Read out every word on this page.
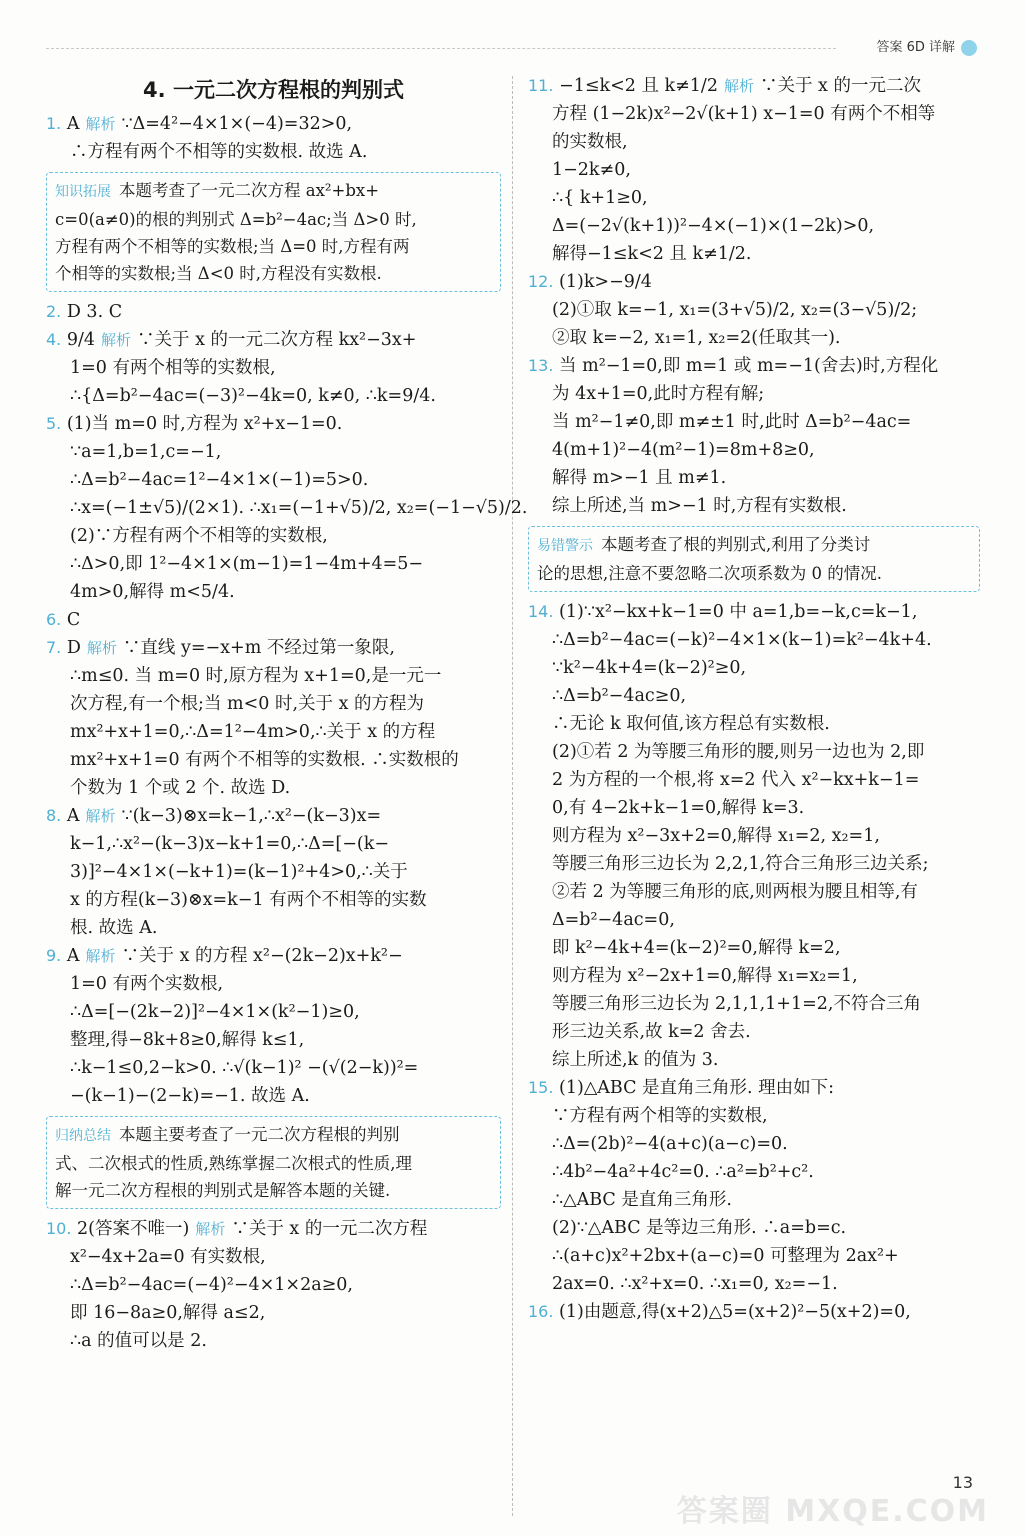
答案 6D 详解
4. 一元二次方程根的判别式
1. A 解析 ∵Δ=4²−4×1×(−4)=32>0,
∴方程有两个不相等的实数根. 故选 A.
知识拓展 本题考查了一元二次方程 ax²+bx+
c=0(a≠0)的根的判别式 Δ=b²−4ac;当 Δ>0 时,
方程有两个不相等的实数根;当 Δ=0 时,方程有两
个相等的实数根;当 Δ<0 时,方程没有实数根.
2. D 3. C
4. 9/4 解析 ∵关于 x 的一元二次方程 kx²−3x+
1=0 有两个相等的实数根,
∴{Δ=b²−4ac=(−3)²−4k=0, k≠0, ∴k=9/4.
5. (1)当 m=0 时,方程为 x²+x−1=0.
∵a=1,b=1,c=−1,
∴Δ=b²−4ac=1²−4×1×(−1)=5>0.
∴x=(−1±√5)/(2×1). ∴x₁=(−1+√5)/2, x₂=(−1−√5)/2.
(2)∵方程有两个不相等的实数根,
∴Δ>0,即 1²−4×1×(m−1)=1−4m+4=5−
4m>0,解得 m<5/4.
6. C
7. D 解析 ∵直线 y=−x+m 不经过第一象限,
∴m≤0. 当 m=0 时,原方程为 x+1=0,是一元一
次方程,有一个根;当 m<0 时,关于 x 的方程为
mx²+x+1=0,∴Δ=1²−4m>0,∴关于 x 的方程
mx²+x+1=0 有两个不相等的实数根. ∴实数根的
个数为 1 个或 2 个. 故选 D.
8. A 解析 ∵(k−3)⊗x=k−1,∴x²−(k−3)x=
k−1,∴x²−(k−3)x−k+1=0,∴Δ=[−(k−
3)]²−4×1×(−k+1)=(k−1)²+4>0,∴关于
x 的方程(k−3)⊗x=k−1 有两个不相等的实数
根. 故选 A.
9. A 解析 ∵关于 x 的方程 x²−(2k−2)x+k²−
1=0 有两个实数根,
∴Δ=[−(2k−2)]²−4×1×(k²−1)≥0,
整理,得−8k+8≥0,解得 k≤1,
∴k−1≤0,2−k>0. ∴√(k−1)² −(√(2−k))²=
−(k−1)−(2−k)=−1. 故选 A.
归纳总结 本题主要考查了一元二次方程根的判别
式、二次根式的性质,熟练掌握二次根式的性质,理
解一元二次方程根的判别式是解答本题的关键.
10. 2(答案不唯一) 解析 ∵关于 x 的一元二次方程
x²−4x+2a=0 有实数根,
∴Δ=b²−4ac=(−4)²−4×1×2a≥0,
即 16−8a≥0,解得 a≤2,
∴a 的值可以是 2.
11. −1≤k<2 且 k≠1/2 解析 ∵关于 x 的一元二次
方程 (1−2k)x²−2√(k+1) x−1=0 有两个不相等
的实数根,
1−2k≠0,
∴{ k+1≥0,
Δ=(−2√(k+1))²−4×(−1)×(1−2k)>0,
解得−1≤k<2 且 k≠1/2.
12. (1)k>−9/4
(2)①取 k=−1, x₁=(3+√5)/2, x₂=(3−√5)/2;
②取 k=−2, x₁=1, x₂=2(任取其一).
13. 当 m²−1=0,即 m=1 或 m=−1(舍去)时,方程化
为 4x+1=0,此时方程有解;
当 m²−1≠0,即 m≠±1 时,此时 Δ=b²−4ac=
4(m+1)²−4(m²−1)=8m+8≥0,
解得 m>−1 且 m≠1.
综上所述,当 m>−1 时,方程有实数根.
易错警示 本题考查了根的判别式,利用了分类讨
论的思想,注意不要忽略二次项系数为 0 的情况.
14. (1)∵x²−kx+k−1=0 中 a=1,b=−k,c=k−1,
∴Δ=b²−4ac=(−k)²−4×1×(k−1)=k²−4k+4.
∵k²−4k+4=(k−2)²≥0,
∴Δ=b²−4ac≥0,
∴无论 k 取何值,该方程总有实数根.
(2)①若 2 为等腰三角形的腰,则另一边也为 2,即
2 为方程的一个根,将 x=2 代入 x²−kx+k−1=
0,有 4−2k+k−1=0,解得 k=3.
则方程为 x²−3x+2=0,解得 x₁=2, x₂=1,
等腰三角形三边长为 2,2,1,符合三角形三边关系;
②若 2 为等腰三角形的底,则两根为腰且相等,有
Δ=b²−4ac=0,
即 k²−4k+4=(k−2)²=0,解得 k=2,
则方程为 x²−2x+1=0,解得 x₁=x₂=1,
等腰三角形三边长为 2,1,1,1+1=2,不符合三角
形三边关系,故 k=2 舍去.
综上所述,k 的值为 3.
15. (1)△ABC 是直角三角形. 理由如下:
∵方程有两个相等的实数根,
∴Δ=(2b)²−4(a+c)(a−c)=0.
∴4b²−4a²+4c²=0. ∴a²=b²+c².
∴△ABC 是直角三角形.
(2)∵△ABC 是等边三角形. ∴a=b=c.
∴(a+c)x²+2bx+(a−c)=0 可整理为 2ax²+
2ax=0. ∴x²+x=0. ∴x₁=0, x₂=−1.
16. (1)由题意,得(x+2)△5=(x+2)²−5(x+2)=0,
13
答案圈 MXQE.COM
